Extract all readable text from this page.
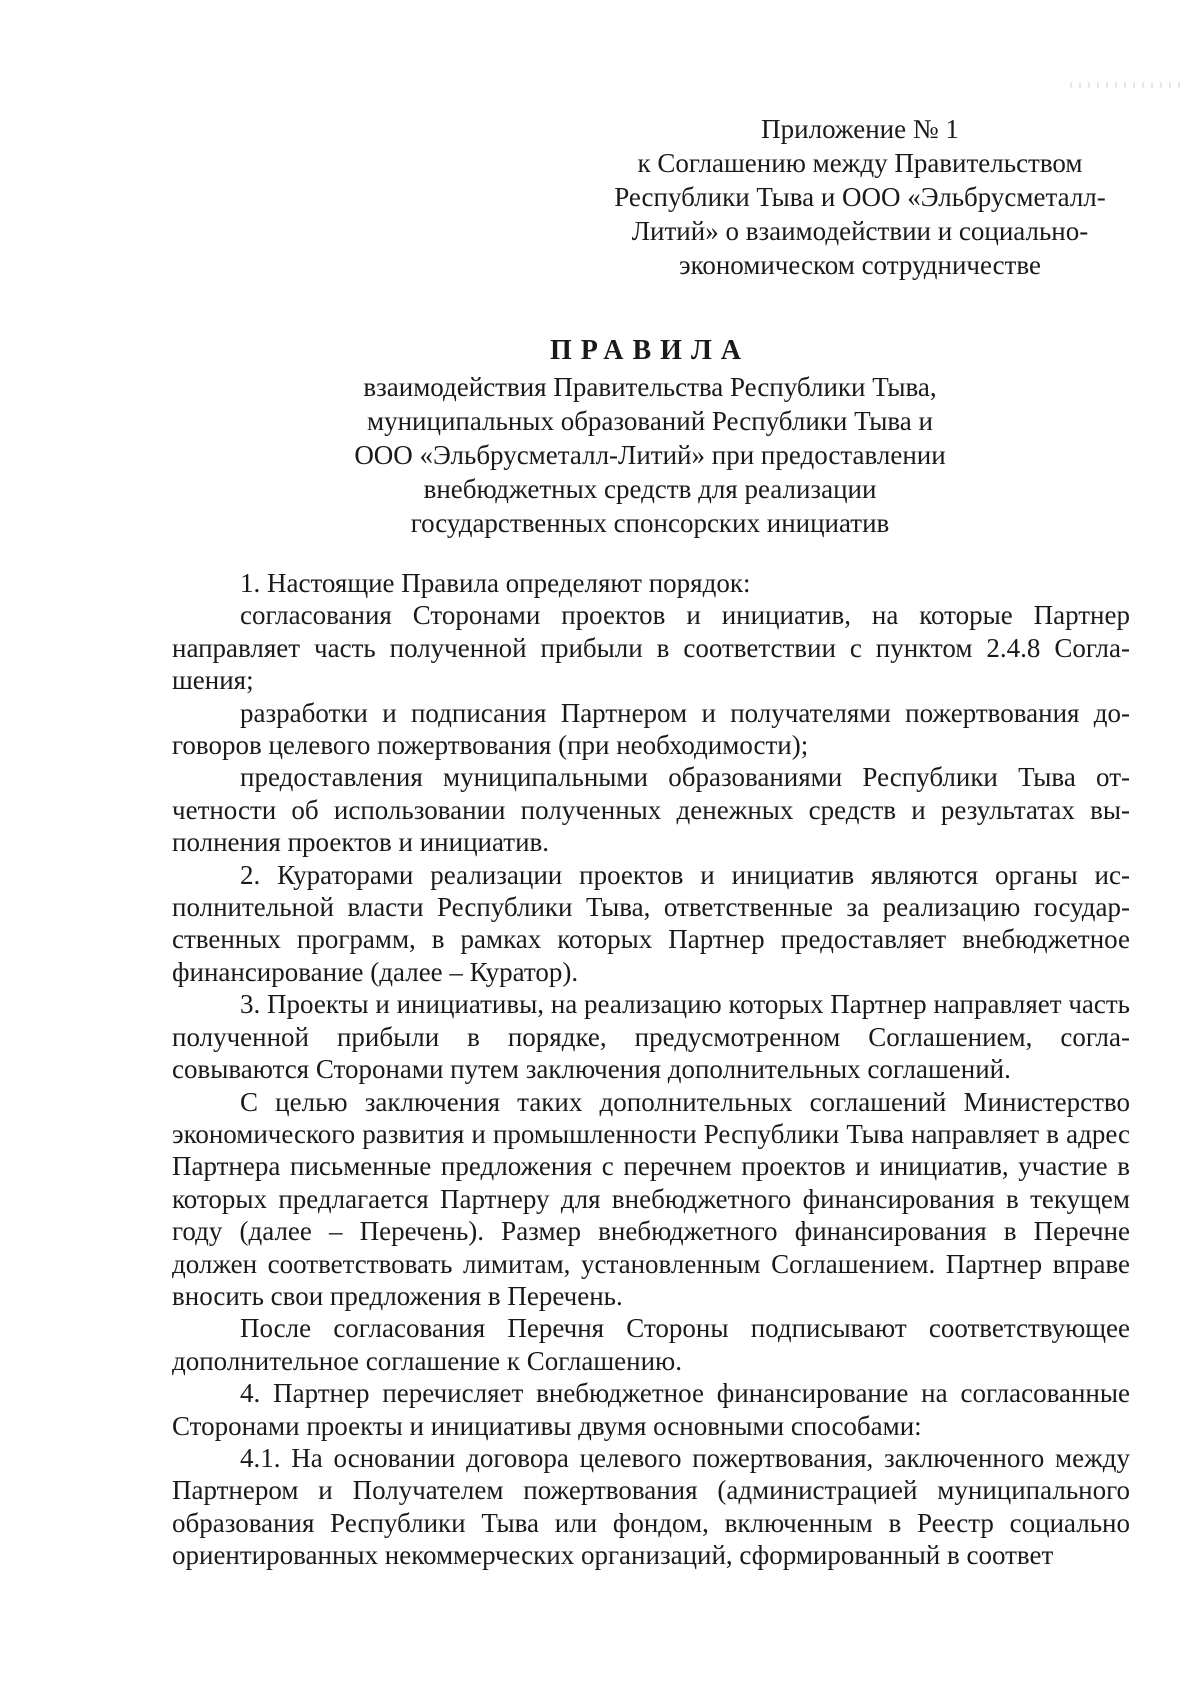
Приложение № 1
к Соглашению между Правительством
Республики Тыва и ООО «Эльбрусметалл-
Литий» о взаимодействии и социально-
экономическом сотрудничестве
ПРАВИЛА
взаимодействия Правительства Республики Тыва,
муниципальных образований Республики Тыва и
ООО «Эльбрусметалл-Литий» при предоставлении
внебюджетных средств для реализации
государственных спонсорских инициатив

1. Настоящие Правила определяют порядок:

согласования Сторонами проектов и инициатив, на которые Партнер направляет часть полученной прибыли в соответствии с пунктом 2.4.8 Соглашения;

разработки и подписания Партнером и получателями пожертвования договоров целевого пожертвования (при необходимости);

предоставления муниципальными образованиями Республики Тыва отчетности об использовании полученных денежных средств и результатах выполнения проектов и инициатив.

2. Кураторами реализации проектов и инициатив являются органы исполнительной власти Республики Тыва, ответственные за реализацию государственных программ, в рамках которых Партнер предоставляет внебюджетное финансирование (далее – Куратор).

3. Проекты и инициативы, на реализацию которых Партнер направляет часть полученной прибыли в порядке, предусмотренном Соглашением, согласовываются Сторонами путем заключения дополнительных соглашений.

С целью заключения таких дополнительных соглашений Министерство экономического развития и промышленности Республики Тыва направляет в адрес Партнера письменные предложения с перечнем проектов и инициатив, участие в которых предлагается Партнеру для внебюджетного финансирования в текущем году (далее – Перечень). Размер внебюджетного финансирования в Перечне должен соответствовать лимитам, установленным Соглашением. Партнер вправе вносить свои предложения в Перечень.

После согласования Перечня Стороны подписывают соответствующее дополнительное соглашение к Соглашению.

4. Партнер перечисляет внебюджетное финансирование на согласованные Сторонами проекты и инициативы двумя основными способами:

4.1. На основании договора целевого пожертвования, заключенного между Партнером и Получателем пожертвования (администрацией муниципального образования Республики Тыва или фондом, включенным в Реестр социально ориентированных некоммерческих организаций, сформированный в соответ
